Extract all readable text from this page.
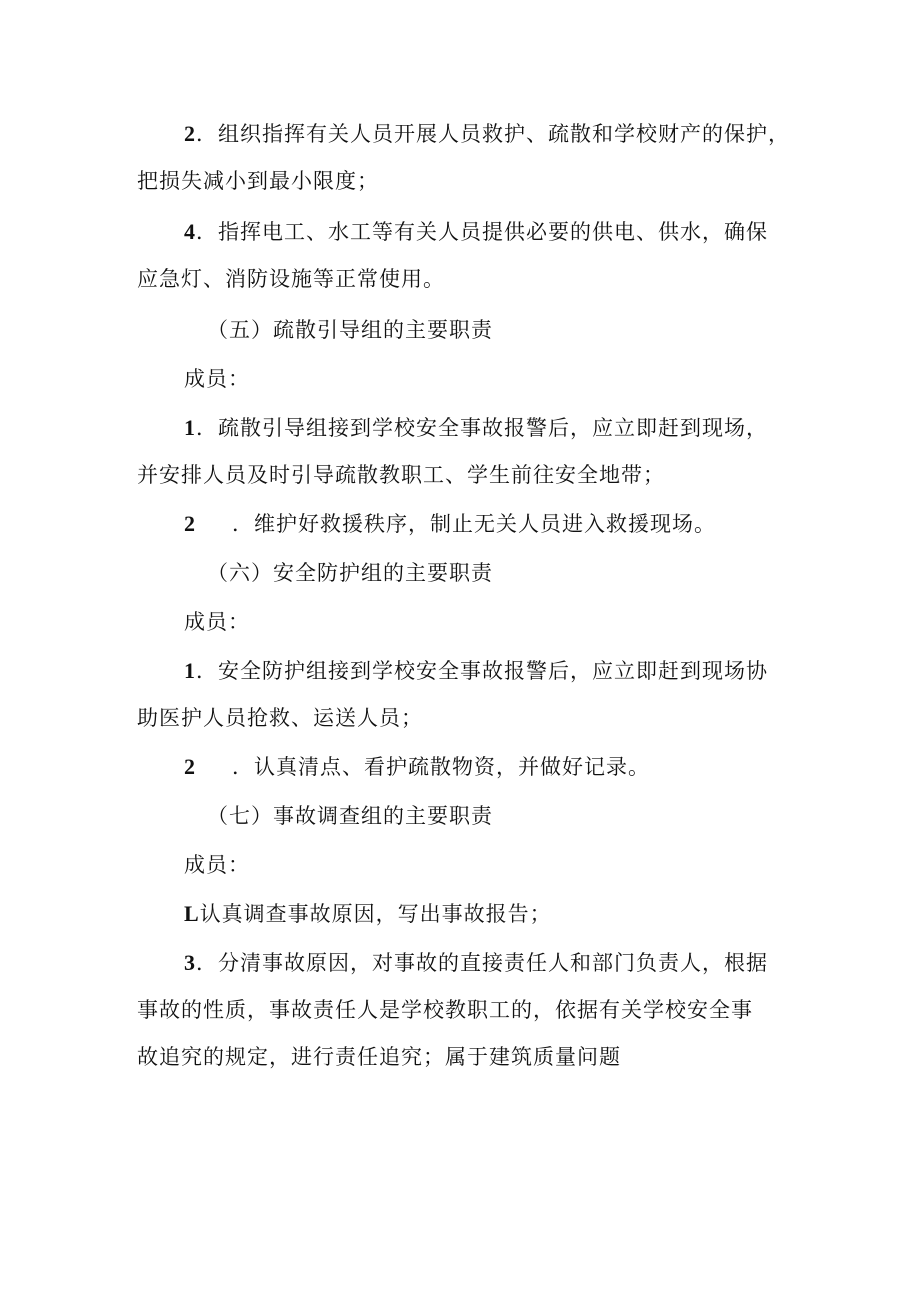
2．组织指挥有关人员开展人员救护、疏散和学校财产的保护，
把损失减小到最小限度；
4．指挥电工、水工等有关人员提供必要的供电、供水，确保
应急灯、消防设施等正常使用。
（五）疏散引导组的主要职责
成员：
1．疏散引导组接到学校安全事故报警后，应立即赶到现场，
并安排人员及时引导疏散教职工、学生前往安全地带；
2 ．维护好救援秩序，制止无关人员进入救援现场。
（六）安全防护组的主要职责
成员：
1．安全防护组接到学校安全事故报警后，应立即赶到现场协
助医护人员抢救、运送人员；
2 ．认真清点、看护疏散物资，并做好记录。
（七）事故调查组的主要职责
成员：
L认真调查事故原因，写出事故报告；
3．分清事故原因，对事故的直接责任人和部门负责人，根据
事故的性质，事故责任人是学校教职工的，依据有关学校安全事
故追究的规定，进行责任追究；属于建筑质量问题
